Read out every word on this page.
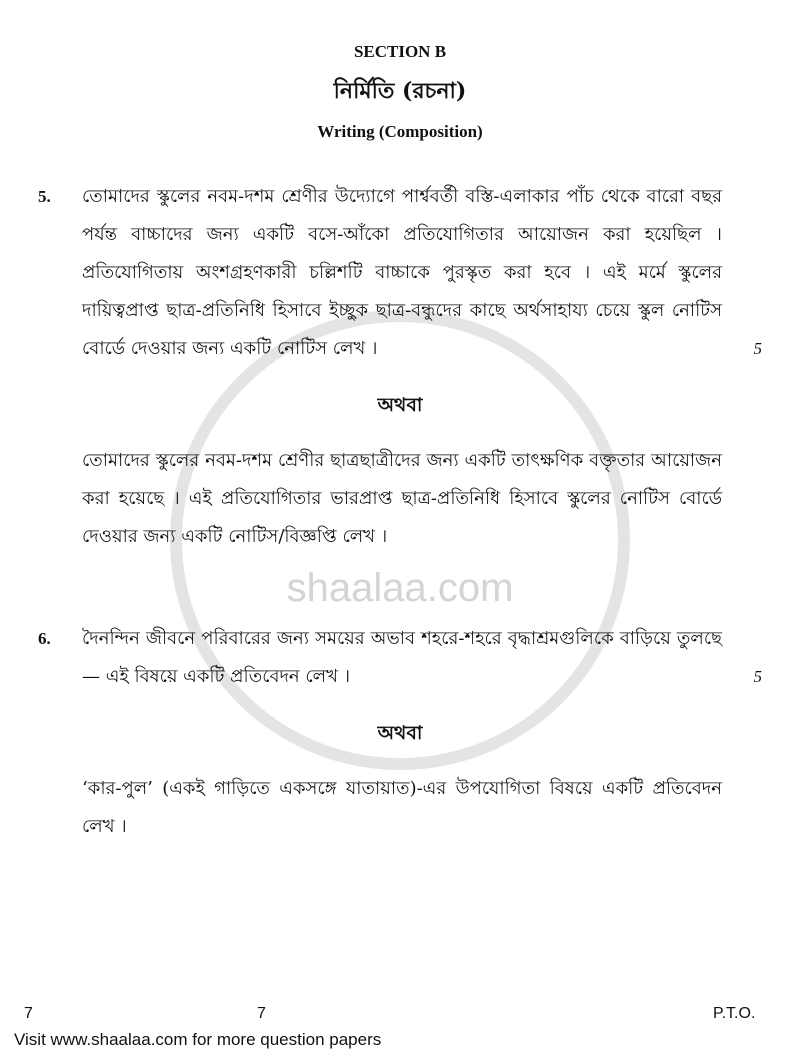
SECTION B
নির্মিতি (রচনা)
Writing (Composition)
5.	তোমাদের স্কুলের নবম-দশম শ্রেণীর উদ্যোগে পার্শ্ববর্তী বস্তি-এলাকার পাঁচ থেকে বারো বছর পর্যন্ত বাচ্চাদের জন্য একটি বসে-আঁকো প্রতিযোগিতার আয়োজন করা হয়েছিল । প্রতিযোগিতায় অংশগ্রহণকারী চল্লিশটি বাচ্চাকে পুরস্কৃত করা হবে । এই মর্মে স্কুলের দায়িত্বপ্রাপ্ত ছাত্র-প্রতিনিধি হিসাবে ইচ্ছুক ছাত্র-বন্ধুদের কাছে অর্থসাহায্য চেয়ে স্কুল নোটিস বোর্ডে দেওয়ার জন্য একটি নোটিস লেখ ।	5
অথবা
তোমাদের স্কুলের নবম-দশম শ্রেণীর ছাত্রছাত্রীদের জন্য একটি তাৎক্ষণিক বক্তৃতার আয়োজন করা হয়েছে । এই প্রতিযোগিতার ভারপ্রাপ্ত ছাত্র-প্রতিনিধি হিসাবে স্কুলের নোটিস বোর্ডে দেওয়ার জন্য একটি নোটিস/বিজ্ঞপ্তি লেখ ।
shaalaa.com
6.	দৈনন্দিন জীবনে পরিবারের জন্য সময়ের অভাব শহরে-শহরে বৃদ্ধাশ্রমগুলিকে বাড়িয়ে তুলছে — এই বিষয়ে একটি প্রতিবেদন লেখ ।	5
অথবা
‘কার-পুল’ (একই গাড়িতে একসঙ্গে যাতায়াত)-এর উপযোগিতা বিষয়ে একটি প্রতিবেদন লেখ ।
7	7	P.T.O.
Visit www.shaalaa.com for more question papers
